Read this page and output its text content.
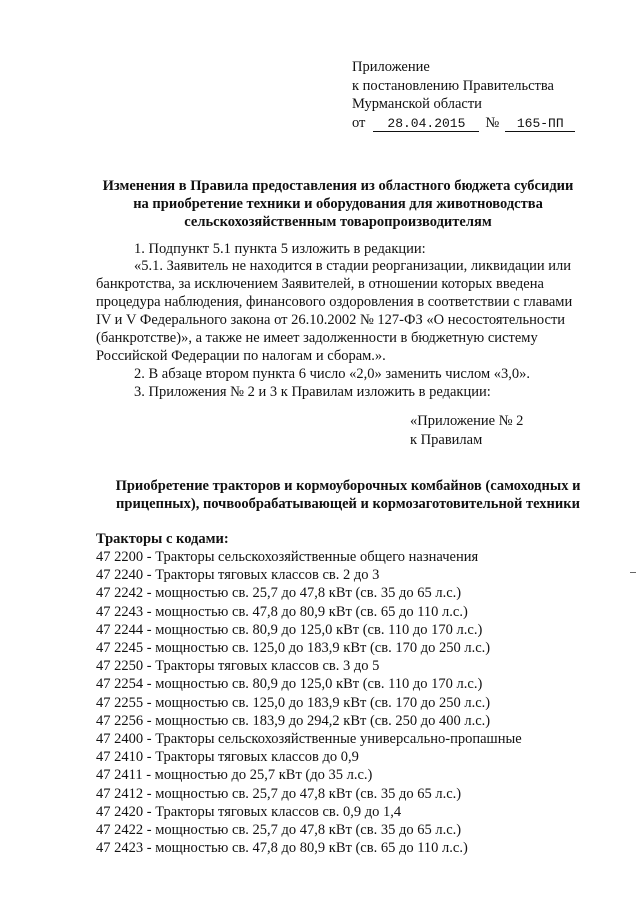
Приложение
к постановлению Правительства
Мурманской области
от	28.04.2015	№	165-ПП
Изменения в Правила предоставления из областного бюджета субсидии
на приобретение техники и оборудования для животноводства
сельскохозяйственным товаропроизводителям
1. Подпункт 5.1 пункта 5 изложить в редакции:
«5.1. Заявитель не находится в стадии реорганизации, ликвидации или
банкротства, за исключением Заявителей, в отношении которых введена
процедура наблюдения, финансового оздоровления в соответствии с главами
IV и V Федерального закона от 26.10.2002 № 127-ФЗ «О несостоятельности
(банкротстве)», а также не имеет задолженности в бюджетную систему
Российской Федерации по налогам и сборам.».
2. В абзаце втором пункта 6 число «2,0» заменить числом «3,0».
3. Приложения № 2 и 3 к Правилам изложить в редакции:
«Приложение № 2
к Правилам
Приобретение тракторов и кормоуборочных комбайнов (самоходных и
прицепных), почвообрабатывающей и кормозаготовительной техники
Тракторы с кодами:
47 2200 - Тракторы сельскохозяйственные общего назначения
47 2240 - Тракторы тяговых классов св. 2 до 3
47 2242 - мощностью св. 25,7 до 47,8 кВт (св. 35 до 65 л.с.)
47 2243 - мощностью св. 47,8 до 80,9 кВт (св. 65 до 110 л.с.)
47 2244 - мощностью св. 80,9 до 125,0 кВт (св. 110 до 170 л.с.)
47 2245 - мощностью св. 125,0 до 183,9 кВт (св. 170 до 250 л.с.)
47 2250 - Тракторы тяговых классов св. 3 до 5
47 2254 - мощностью св. 80,9 до 125,0 кВт (св. 110 до 170 л.с.)
47 2255 - мощностью св. 125,0 до 183,9 кВт (св. 170 до 250 л.с.)
47 2256 - мощностью св. 183,9 до 294,2 кВт (св. 250 до 400 л.с.)
47 2400 - Тракторы сельскохозяйственные универсально-пропашные
47 2410 - Тракторы тяговых классов до 0,9
47 2411 - мощностью до 25,7 кВт (до 35 л.с.)
47 2412 - мощностью св. 25,7 до 47,8 кВт (св. 35 до 65 л.с.)
47 2420 - Тракторы тяговых классов св. 0,9 до 1,4
47 2422 - мощностью св. 25,7 до 47,8 кВт (св. 35 до 65 л.с.)
47 2423 - мощностью св. 47,8 до 80,9 кВт (св. 65 до 110 л.с.)
